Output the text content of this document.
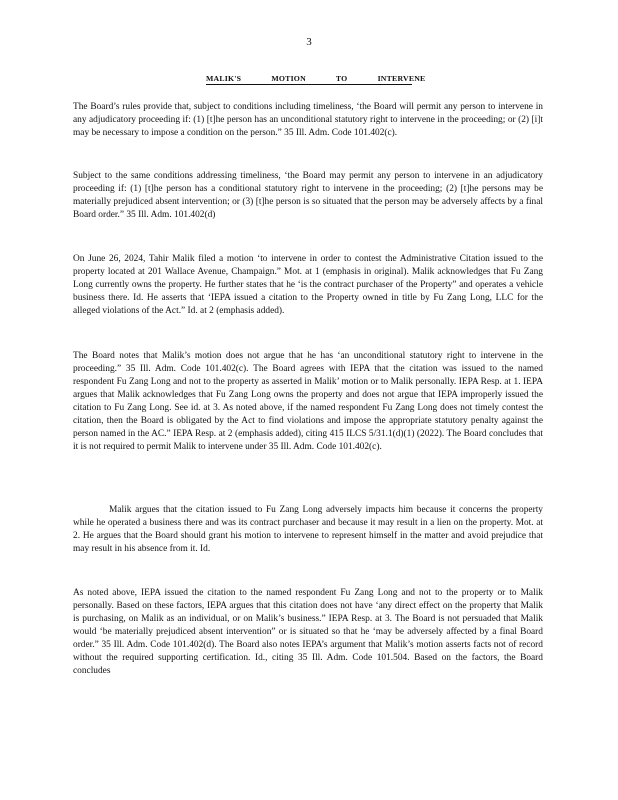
3
MALIK'S MOTION TO INTERVENE

The Board’s rules provide that, subject to conditions including timeliness, ‘the Board will permit any person to intervene in any adjudicatory proceeding if: (1) [t]he person has an unconditional statutory right to intervene in the proceeding; or (2) [i]t may be necessary to impose a condition on the person.” 35 Ill. Adm. Code 101.402(c).

Subject to the same conditions addressing timeliness, ‘the Board may permit any person to intervene in an adjudicatory proceeding if: (1) [t]he person has a conditional statutory right to intervene in the proceeding; (2) [t]he persons may be materially prejudiced absent intervention; or (3) [t]he person is so situated that the person may be adversely affects by a final Board order.” 35 Ill. Adm. 101.402(d)

On June 26, 2024, Tahir Malik filed a motion ‘to intervene in order to contest the Administrative Citation issued to the property located at 201 Wallace Avenue, Champaign.” Mot. at 1 (emphasis in original). Malik acknowledges that Fu Zang Long currently owns the property. He further states that he ‘is the contract purchaser of the Property” and operates a vehicle business there. Id. He asserts that ‘IEPA issued a citation to the Property owned in title by Fu Zang Long, LLC for the alleged violations of the Act.” Id. at 2 (emphasis added).

The Board notes that Malik’s motion does not argue that he has ‘an unconditional statutory right to intervene in the proceeding.” 35 Ill. Adm. Code 101.402(c). The Board agrees with IEPA that the citation was issued to the named respondent Fu Zang Long and not to the property as asserted in Malik’ motion or to Malik personally. IEPA Resp. at 1. IEPA argues that Malik acknowledges that Fu Zang Long owns the property and does not argue that IEPA improperly issued the citation to Fu Zang Long. See id. at 3. As noted above, if the named respondent Fu Zang Long does not timely contest the citation, then the Board is obligated by the Act to find violations and impose the appropriate statutory penalty against the person named in the AC.” IEPA Resp. at 2 (emphasis added), citing 415 ILCS 5/31.1(d)(1) (2022). The Board concludes that it is not required to permit Malik to intervene under 35 Ill. Adm. Code 101.402(c).

Malik argues that the citation issued to Fu Zang Long adversely impacts him because it concerns the property while he operated a business there and was its contract purchaser and because it may result in a lien on the property. Mot. at 2. He argues that the Board should grant his motion to intervene to represent himself in the matter and avoid prejudice that may result in his absence from it. Id.

As noted above, IEPA issued the citation to the named respondent Fu Zang Long and not to the property or to Malik personally. Based on these factors, IEPA argues that this citation does not have ‘any direct effect on the property that Malik is purchasing, on Malik as an individual, or on Malik’s business.” IEPA Resp. at 3. The Board is not persuaded that Malik would ‘be materially prejudiced absent intervention” or is situated so that he ‘may be adversely affected by a final Board order.” 35 Ill. Adm. Code 101.402(d). The Board also notes IEPA’s argument that Malik’s motion asserts facts not of record without the required supporting certification. Id., citing 35 Ill. Adm. Code 101.504. Based on the factors, the Board concludes
